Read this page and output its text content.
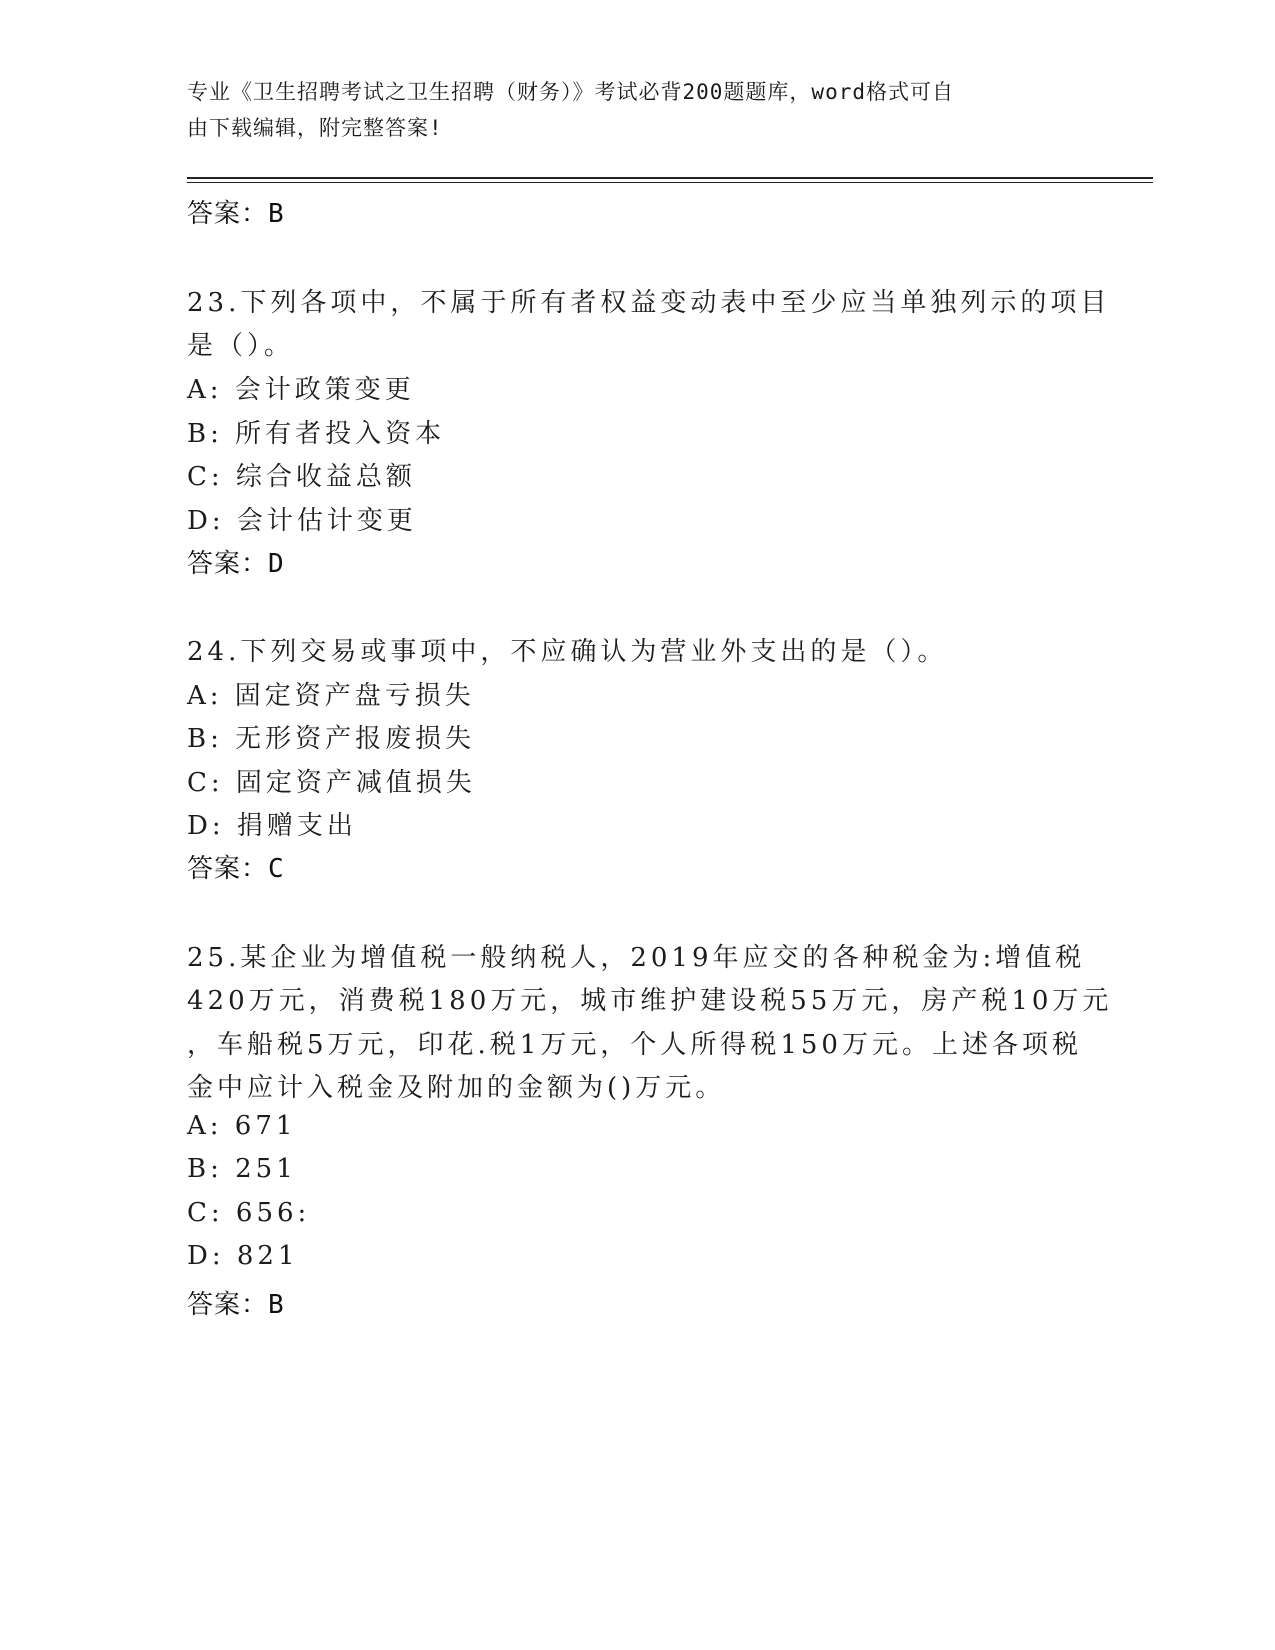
专业《卫生招聘考试之卫生招聘（财务）》考试必背200题题库，word格式可自
由下载编辑，附完整答案!
答案：B
23.下列各项中，不属于所有者权益变动表中至少应当单独列示的项目
是（）。
A: 会计政策变更
B: 所有者投入资本
C: 综合收益总额
D: 会计估计变更
答案：D
24.下列交易或事项中，不应确认为营业外支出的是（）。
A: 固定资产盘亏损失
B: 无形资产报废损失
C: 固定资产减值损失
D: 捐赠支出
答案：C
25.某企业为增值税一般纳税人，2019年应交的各种税金为:增值税
420万元，消费税180万元，城市维护建设税55万元，房产税10万元
，车船税5万元，印花.税1万元，个人所得税150万元。上述各项税
金中应计入税金及附加的金额为()万元。
A: 671
B: 251
C: 656:
D: 821
答案：B
